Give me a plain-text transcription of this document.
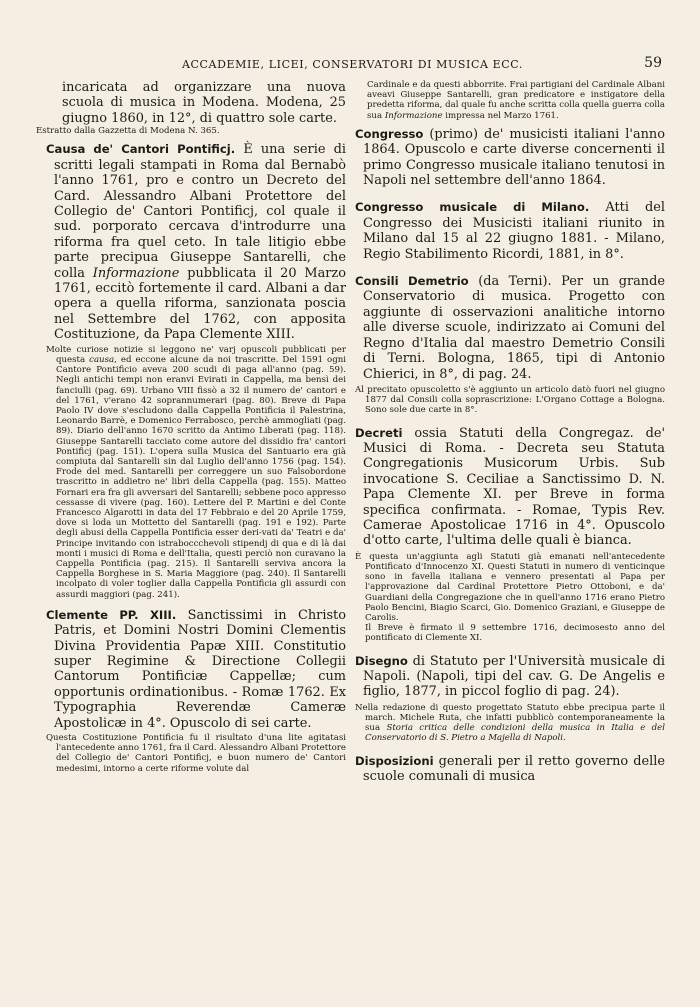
ACCADEMIE, LICEI, CONSERVATORI DI MUSICA ECC.	59

incaricata ad organizzare una nuova scuola di musica in Modena. Modena, 25 giugno 1860, in 12°, di quattro sole carte.

Estratto dalla Gazzetta di Modena N. 365.

Causa de' Cantori Pontificj. È una serie di scritti legali stampati in Roma dal Bernabò l'anno 1761, pro e contro un Decreto del Card. Alessandro Albani Protettore del Collegio de' Cantori Pontificj, col quale il sud. porporato cercava d'introdurre una riforma fra quel ceto. In tale litigio ebbe parte precipua Giuseppe Santarelli, che colla Informazione pubblicata il 20 Marzo 1761, eccitò fortemente il card. Albani a dar opera a quella riforma, sanzionata poscia nel Settembre del 1762, con apposita Costituzione, da Papa Clemente XIII.

Molte curiose notizie si leggono ne' varj opuscoli pubblicati per questa causa, ed eccone alcune da noi trascritte. Del 1591 ogni Cantore Pontificio aveva 200 scudi di paga all'anno (pag. 59). Negli antichi tempi non eranvi Evirati in Cappella, ma bensì dei fanciulli (pag. 69). Urbano VIII fissò a 32 il numero de' cantori e del 1761, v'erano 42 soprannumerari (pag. 80). Breve di Papa Paolo IV dove s'escludono dalla Cappella Pontificia il Palestrina, Leonardo Barrè, e Domenico Ferrabosco, perchè ammogliati (pag. 89). Diario dell'anno 1670 scritto da Antimo Liberati (pag. 118). Giuseppe Santarelli tacciato come autore del dissidio fra' cantori Pontificj (pag. 151). L'opera sulla Musica del Santuario era già compiuta dal Santarelli sin dal Luglio dell'anno 1756 (pag. 154). Frode del med. Santarelli per correggere un suo Falsobordone trascritto in addietro ne' libri della Cappella (pag. 155). Matteo Fornari era fra gli avversari del Santarelli; sebbene poco appresso cessasse di vivere (pag. 160). Lettere del P. Martini e del Conte Francesco Algarotti in data del 17 Febbraio e del 20 Aprile 1759, dove si loda un Mottetto del Santarelli (pag. 191 e 192). Parte degli abusi della Cappella Pontificia esser deri-vati da' Teatri e da' Principe invitando con istraboccchevoli stipendj di qua e di là dai monti i musici di Roma e dell'Italia, questi perciò non curavano la Cappella Pontificia (pag. 215). Il Santarelli serviva ancora la Cappella Borghese in S. Maria Maggiore (pag. 240). Il Santarelli incolpato di voler toglier dalla Cappella Pontificia gli assurdi con assurdi maggiori (pag. 241).

Clemente PP. XIII. Sanctissimi in Christo Patris, et Domini Nostri Domini Clementis Divina Providentia Papæ XIII. Constitutio super Regimine & Directione Collegii Cantorum Pontificiæ Cappellæ; cum opportunis ordinationibus. - Romæ 1762. Ex Typographia Reverendæ Cameræ Apostolicæ in 4°. Opuscolo di sei carte.

Questa Costituzione Pontificia fu il risultato d'una lite agitatasi l'antecedente anno 1761, fra il Card. Alessandro Albani Protettore del Collegio de' Cantori Pontificj, e buon numero de' Cantori medesimi, intorno a certe riforme volute dal

Cardinale e da questi abborrite. Frai partigiani del Cardinale Albani aveavi Giuseppe Santarelli, gran predicatore e instigatore della predetta riforma, dal quale fu anche scritta colla quella guerra colla sua Informazione impressa nel Marzo 1761.

Congresso (primo) de' musicisti italiani l'anno 1864. Opuscolo e carte diverse concernenti il primo Congresso musicale italiano tenutosi in Napoli nel settembre dell'anno 1864.

Congresso musicale di Milano. Atti del Congresso dei Musicisti italiani riunito in Milano dal 15 al 22 giugno 1881. - Milano, Regio Stabilimento Ricordi, 1881, in 8°.

Consili Demetrio (da Terni). Per un grande Conservatorio di musica. Progetto con aggiunte di osservazioni analitiche intorno alle diverse scuole, indirizzato ai Comuni del Regno d'Italia dal maestro Demetrio Consili di Terni. Bologna, 1865, tipi di Antonio Chierici, in 8°, di pag. 24.

Al precitato opuscoletto s'è aggiunto un articolo datò fuori nel giugno 1877 dal Consili colla soprascrizione: L'Organo Cottage a Bologna. Sono sole due carte in 8°.

Decreti ossia Statuti della Congregaz. de' Musici di Roma. - Decreta seu Statuta Congregationis Musicorum Urbis. Sub invocatione S. Ceciliae a Sanctissimo D. N. Papa Clemente XI. per Breve in forma specifica confirmata. - Romae, Typis Rev. Camerae Apostolicae 1716 in 4°. Opuscolo d'otto carte, l'ultima delle quali è bianca.

È questa un'aggiunta agli Statuti già emanati nell'antecedente Pontificato d'Innocenzo XI. Questi Statuti in numero di venticinque sono in favella italiana e vennero presentati al Papa per l'approvazione dal Cardinal Protettore Pietro Ottoboni, e da' Guardiani della Congregazione che in quell'anno 1716 erano Pietro Paolo Bencini, Biagio Scarci, Gio. Domenico Graziani, e Giuseppe de Carolis.

Il Breve è firmato il 9 settembre 1716, decimosesto anno del pontificato di Clemente XI.

Disegno di Statuto per l'Università musicale di Napoli. (Napoli, tipi del cav. G. De Angelis e figlio, 1877, in piccol foglio di pag. 24).

Nella redazione di questo progettato Statuto ebbe precipua parte il march. Michele Ruta, che infatti pubblicò contemporaneamente la sua Storia critica delle condizioni della musica in Italia e del Conservatorio di S. Pietro a Majella di Napoli.

Disposizioni generali per il retto governo delle scuole comunali di musica
